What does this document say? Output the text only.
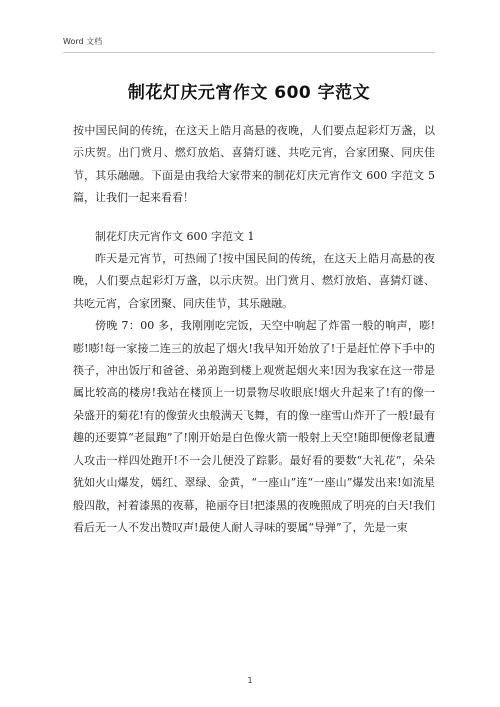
Word 文档
制花灯庆元宵作文 600 字范文

按中国民间的传统，在这天上皓月高悬的夜晚，人们要点起彩灯万盏，以示庆贺。出门赏月、燃灯放焰、喜猜灯谜、共吃元宵，合家团聚、同庆佳节，其乐融融。下面是由我给大家带来的制花灯庆元宵作文 600 字范文 5 篇，让我们一起来看看！

制花灯庆元宵作文 600 字范文 1

昨天是元宵节，可热闹了!按中国民间的传统，在这天上皓月高悬的夜晚，人们要点起彩灯万盏，以示庆贺。出门赏月、燃灯放焰、喜猜灯谜、共吃元宵，合家团聚、同庆佳节，其乐融融。

傍晚 7：00 多，我刚刚吃完饭，天空中响起了炸雷一般的响声，嘭!嘭!嘭!每一家接二连三的放起了烟火!我早知开始放了!于是赶忙停下手中的筷子，冲出饭厅和爸爸、弟弟跑到楼上观赏起烟火来!因为我家在这一带是属比较高的楼房!我站在楼顶上一切景物尽收眼底!烟火升起来了!有的像一朵盛开的菊花!有的像萤火虫般满天飞舞，有的像一座雪山炸开了一般!最有趣的还要算“老鼠跑”了!刚开始是白色像火箭一般射上天空!随即便像老鼠遭人攻击一样四处跑开!不一会儿便没了踪影。最好看的要数“大礼花”，朵朵犹如火山爆发，嫣红、翠绿、金黄，“一座山”连“一座山”爆发出来!如流星般四散，衬着漆黑的夜幕，艳丽夺目!把漆黑的夜晚照成了明亮的白天!我们看后无一人不发出赞叹声!最使人耐人寻味的要属“导弹”了，先是一束

1
